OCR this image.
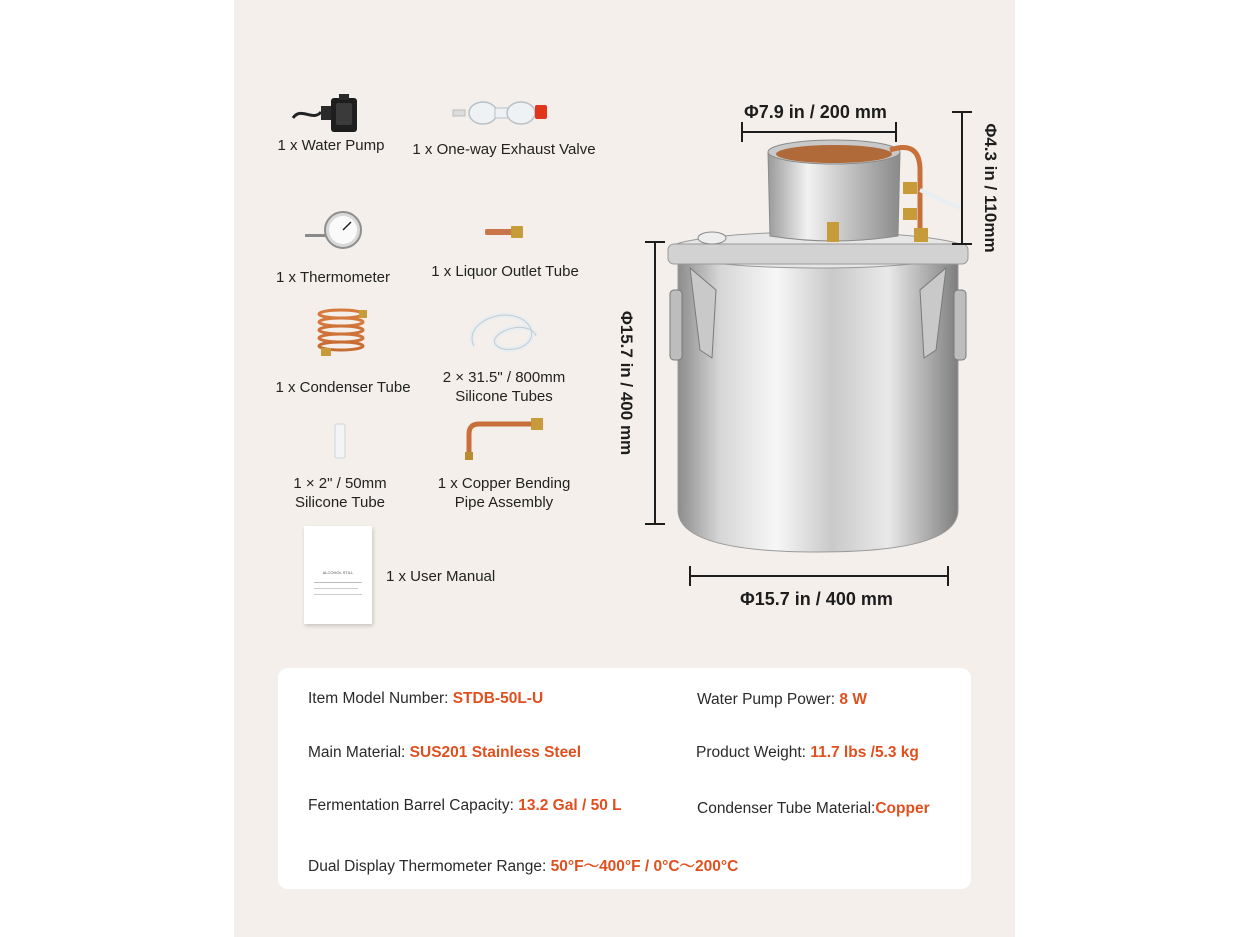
1 x Water Pump	1 x One-way Exhaust Valve
1 x Thermometer	1 x Liquor Outlet Tube
1 x Condenser Tube
2 × 31.5" / 800mm
Silicone Tubes
1 × 2" / 50mm
Silicone Tube
1 x Copper Bending
Pipe Assembly
ALCOHOL STILL	1 x User Manual
Φ7.9 in / 200 mm
Φ4.3 in / 110mm
Φ15.7 in / 400 mm
Φ15.7 in / 400 mm
Item Model Number: STDB-50L-U	Water Pump Power: 8 W
Main Material: SUS201 Stainless Steel	Product Weight: 11.7 lbs /5.3 kg
Fermentation Barrel Capacity: 13.2 Gal / 50 L	Condenser Tube Material:Copper
Dual Display Thermometer Range: 50°F～400°F / 0°C～200°C
